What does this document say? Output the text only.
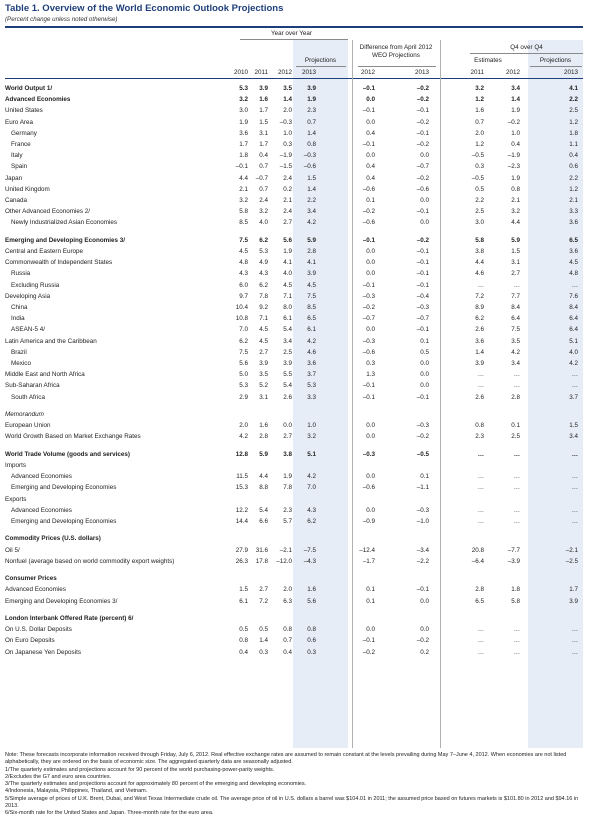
Table 1. Overview of the World Economic Outlook Projections
(Percent change unless noted otherwise)
Year over Year
Projections
Difference from April 2012 WEO Projections
Q4 over Q4
Estimates	Projections
2010	2011	2012	2013	2012	2013	2011	2012	2013
World Output 1/	5.3	3.9	3.5	3.9	–0.1	–0.2	3.2	3.4	4.1
Advanced Economies	3.2	1.6	1.4	1.9	0.0	–0.2	1.2	1.4	2.2
United States	3.0	1.7	2.0	2.3	–0.1	–0.1	1.6	1.9	2.5
Euro Area	1.9	1.5	–0.3	0.7	0.0	–0.2	0.7	–0.2	1.2
Germany	3.6	3.1	1.0	1.4	0.4	–0.1	2.0	1.0	1.8
France	1.7	1.7	0.3	0.8	–0.1	–0.2	1.2	0.4	1.1
Italy	1.8	0.4	–1.9	–0.3	0.0	0.0	–0.5	–1.9	0.4
Spain	–0.1	0.7	–1.5	–0.6	0.4	–0.7	0.3	–2.3	0.6
Japan	4.4	–0.7	2.4	1.5	0.4	–0.2	–0.5	1.9	2.2
United Kingdom	2.1	0.7	0.2	1.4	–0.6	–0.6	0.5	0.8	1.2
Canada	3.2	2.4	2.1	2.2	0.1	0.0	2.2	2.1	2.1
Other Advanced Economies 2/	5.8	3.2	2.4	3.4	–0.2	–0.1	2.5	3.2	3.3
Newly Industrialized Asian Economies	8.5	4.0	2.7	4.2	–0.6	0.0	3.0	4.4	3.6
Emerging and Developing Economies 3/	7.5	6.2	5.6	5.9	–0.1	–0.2	5.8	5.9	6.5
Central and Eastern Europe	4.5	5.3	1.9	2.8	0.0	–0.1	3.8	1.5	3.6
Commonwealth of Independent States	4.8	4.9	4.1	4.1	0.0	–0.1	4.4	3.1	4.5
Russia	4.3	4.3	4.0	3.9	0.0	–0.1	4.6	2.7	4.8
Excluding Russia	6.0	6.2	4.5	4.5	–0.1	–0.1	…	…	…
Developing Asia	9.7	7.8	7.1	7.5	–0.3	–0.4	7.2	7.7	7.6
China	10.4	9.2	8.0	8.5	–0.2	–0.3	8.9	8.4	8.4
India	10.8	7.1	6.1	6.5	–0.7	–0.7	6.2	6.4	6.4
ASEAN-5 4/	7.0	4.5	5.4	6.1	0.0	–0.1	2.6	7.5	6.4
Latin America and the Caribbean	6.2	4.5	3.4	4.2	–0.3	0.1	3.6	3.5	5.1
Brazil	7.5	2.7	2.5	4.6	–0.6	0.5	1.4	4.2	4.0
Mexico	5.6	3.9	3.9	3.6	0.3	0.0	3.9	3.4	4.2
Middle East and North Africa	5.0	3.5	5.5	3.7	1.3	0.0	…	…	…
Sub-Saharan Africa	5.3	5.2	5.4	5.3	–0.1	0.0	…	…	…
South Africa	2.9	3.1	2.6	3.3	–0.1	–0.1	2.6	2.8	3.7
Memorandum
European Union	2.0	1.6	0.0	1.0	0.0	–0.3	0.8	0.1	1.5
World Growth Based on Market Exchange Rates	4.2	2.8	2.7	3.2	0.0	–0.2	2.3	2.5	3.4
World Trade Volume (goods and services)	12.8	5.9	3.8	5.1	–0.3	–0.5	…	…	…
Imports
Advanced Economies	11.5	4.4	1.9	4.2	0.0	0.1	…	…	…
Emerging and Developing Economies	15.3	8.8	7.8	7.0	–0.6	–1.1	…	…	…
Exports
Advanced Economies	12.2	5.4	2.3	4.3	0.0	–0.3	…	…	…
Emerging and Developing Economies	14.4	6.6	5.7	6.2	–0.9	–1.0	…	…	…
Commodity Prices (U.S. dollars)
Oil 5/	27.9	31.6	–2.1	–7.5	–12.4	–3.4	20.8	–7.7	–2.1
Nonfuel (average based on world commodity export weights)	26.3	17.8	–12.0	–4.3	–1.7	–2.2	–6.4	–3.9	–2.5
Consumer Prices
Advanced Economies	1.5	2.7	2.0	1.6	0.1	–0.1	2.8	1.8	1.7
Emerging and Developing Economies 3/	6.1	7.2	6.3	5.6	0.1	0.0	6.5	5.8	3.9
London Interbank Offered Rate (percent) 6/
On U.S. Dollar Deposits	0.5	0.5	0.8	0.8	0.0	0.0	…	…	…
On Euro Deposits	0.8	1.4	0.7	0.6	–0.1	–0.2	…	…	…
On Japanese Yen Deposits	0.4	0.3	0.4	0.3	–0.2	0.2	…	…	…

Note: These forecasts incorporate information received through Friday, July 6, 2012. Real effective exchange rates are assumed to remain constant at the levels prevailing during May 7–June 4, 2012. When economies are not listed alphabetically, they are ordered on the basis of economic size. The aggregated quarterly data are seasonally adjusted.

1/The quarterly estimates and projections account for 90 percent of the world purchasing-power-parity weights.

2/Excludes the G7 and euro area countries.

3/The quarterly estimates and projections account for approximately 80 percent of the emerging and developing economies.

4/Indonesia, Malaysia, Philippines, Thailand, and Vietnam.

5/Simple average of prices of U.K. Brent, Dubai, and West Texas Intermediate crude oil. The average price of oil in U.S. dollars a barrel was $104.01 in 2011; the assumed price based on futures markets is $101.80 in 2012 and $94.16 in 2013.

6/Six-month rate for the United States and Japan. Three-month rate for the euro area.
